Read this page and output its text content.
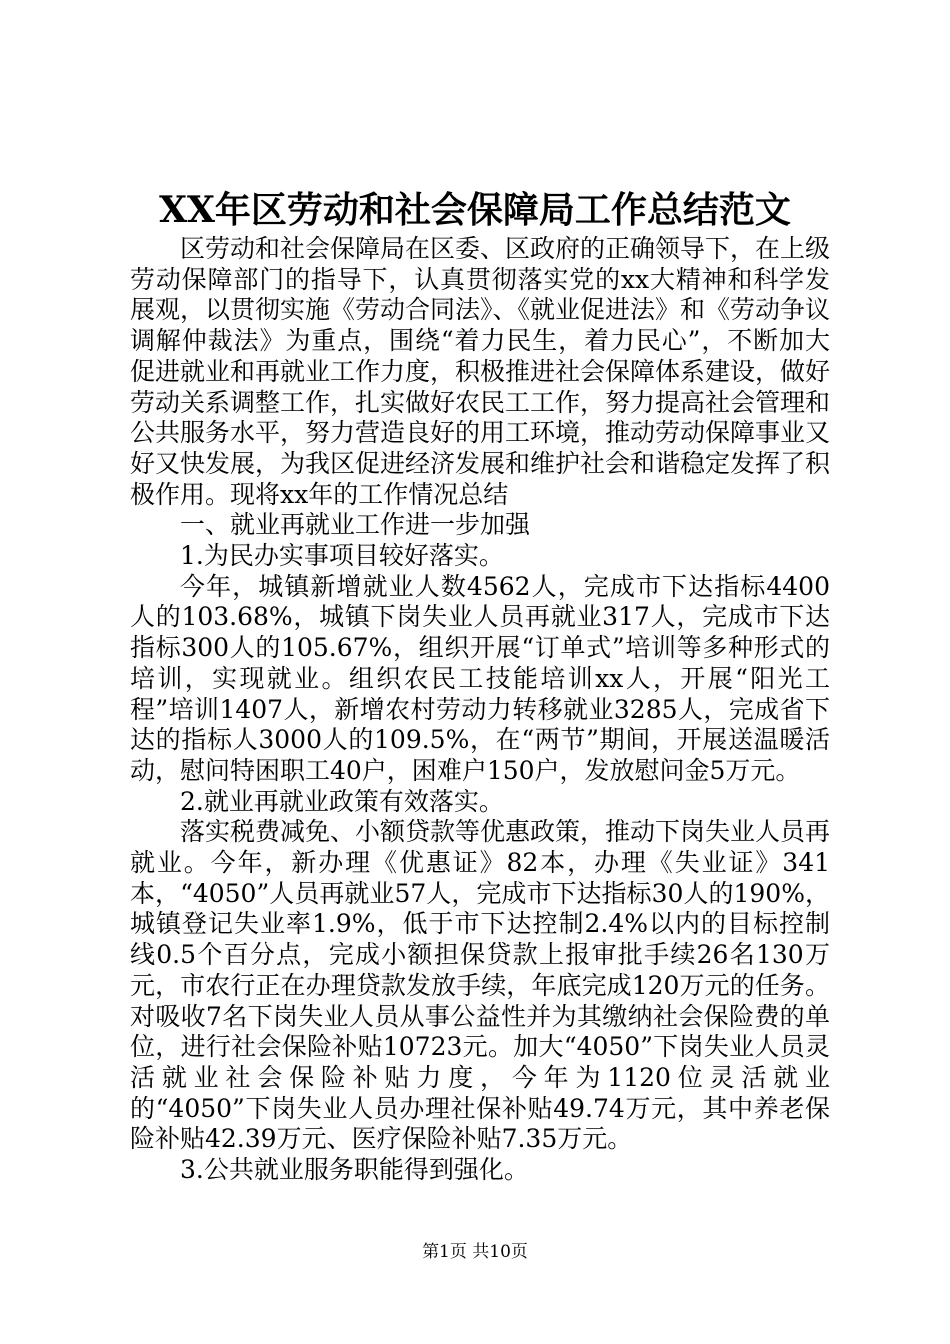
XX年区劳动和社会保障局工作总结范文

区劳动和社会保障局在区委、区政府的正确领导下，在上级劳动保障部门的指导下，认真贯彻落实党的xx大精神和科学发展观，以贯彻实施《劳动合同法》、《就业促进法》和《劳动争议调解仲裁法》为重点，围绕“着力民生，着力民心”，不断加大促进就业和再就业工作力度，积极推进社会保障体系建设，做好劳动关系调整工作，扎实做好农民工工作，努力提高社会管理和公共服务水平，努力营造良好的用工环境，推动劳动保障事业又好又快发展，为我区促进经济发展和维护社会和谐稳定发挥了积极作用。现将xx年的工作情况总结

一、就业再就业工作进一步加强

1.为民办实事项目较好落实。

今年，城镇新增就业人数4562人，完成市下达指标4400人的103.68%，城镇下岗失业人员再就业317人，完成市下达指标300人的105.67%，组织开展“订单式”培训等多种形式的培训，实现就业。组织农民工技能培训xx人，开展“阳光工程”培训1407人，新增农村劳动力转移就业3285人，完成省下达的指标人3000人的109.5%，在“两节”期间，开展送温暖活动，慰问特困职工40户，困难户150户，发放慰问金5万元。

2.就业再就业政策有效落实。

落实税费减免、小额贷款等优惠政策，推动下岗失业人员再就业。今年，新办理《优惠证》82本，办理《失业证》341本，“4050”人员再就业57人，完成市下达指标30人的190%，城镇登记失业率1.9%，低于市下达控制2.4%以内的目标控制线0.5个百分点，完成小额担保贷款上报审批手续26名130万元，市农行正在办理贷款发放手续，年底完成120万元的任务。对吸收7名下岗失业人员从事公益性并为其缴纳社会保险费的单位，进行社会保险补贴10723元。加大“4050”下岗失业人员灵活就业社会保险补贴力度，今年为1120位灵活就业的“4050”下岗失业人员办理社保补贴49.74万元，其中养老保险补贴42.39万元、医疗保险补贴7.35万元。

3.公共就业服务职能得到强化。

第1页 共10页
